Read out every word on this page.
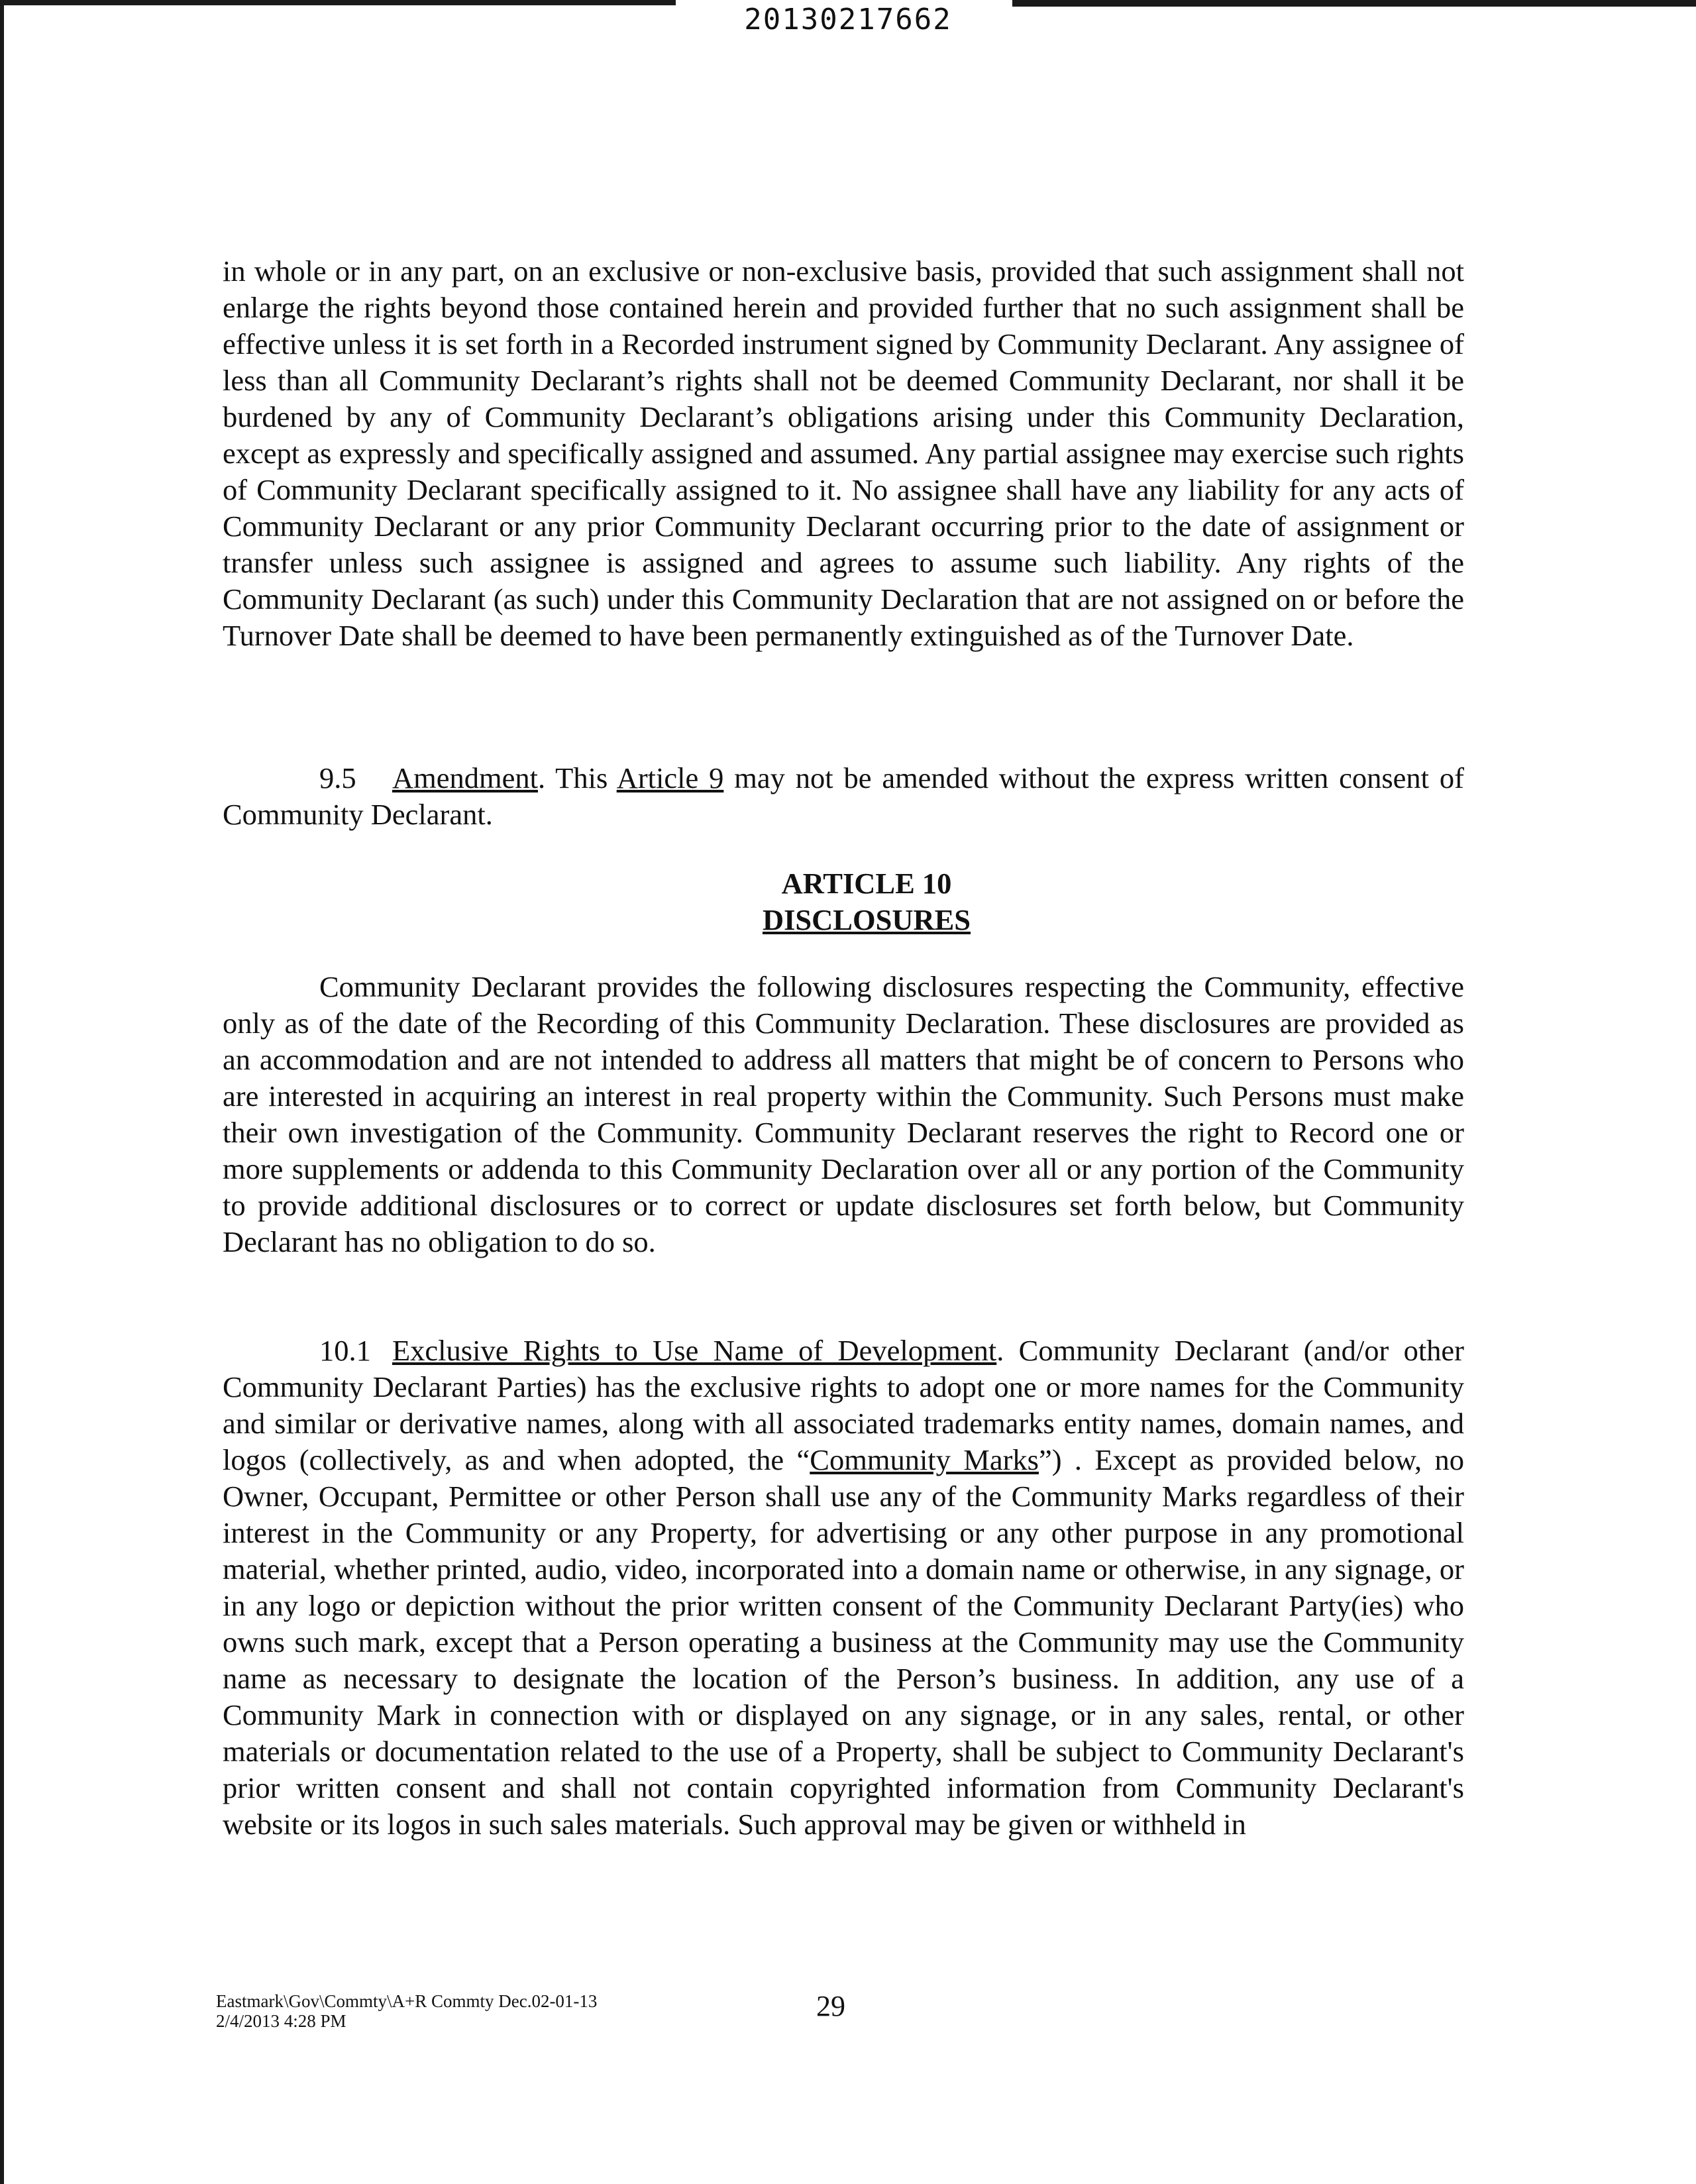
20130217662
in whole or in any part, on an exclusive or non-exclusive basis, provided that such assignment shall not enlarge the rights beyond those contained herein and provided further that no such assignment shall be effective unless it is set forth in a Recorded instrument signed by Community Declarant. Any assignee of less than all Community Declarant’s rights shall not be deemed Community Declarant, nor shall it be burdened by any of Community Declarant’s obligations arising under this Community Declaration, except as expressly and specifically assigned and assumed. Any partial assignee may exercise such rights of Community Declarant specifically assigned to it. No assignee shall have any liability for any acts of Community Declarant or any prior Community Declarant occurring prior to the date of assignment or transfer unless such assignee is assigned and agrees to assume such liability. Any rights of the Community Declarant (as such) under this Community Declaration that are not assigned on or before the Turnover Date shall be deemed to have been permanently extinguished as of the Turnover Date.
9.5 Amendment. This Article 9 may not be amended without the express written consent of Community Declarant.
ARTICLE 10
DISCLOSURES
Community Declarant provides the following disclosures respecting the Community, effective only as of the date of the Recording of this Community Declaration. These disclosures are provided as an accommodation and are not intended to address all matters that might be of concern to Persons who are interested in acquiring an interest in real property within the Community. Such Persons must make their own investigation of the Community. Community Declarant reserves the right to Record one or more supplements or addenda to this Community Declaration over all or any portion of the Community to provide additional disclosures or to correct or update disclosures set forth below, but Community Declarant has no obligation to do so.
10.1 Exclusive Rights to Use Name of Development. Community Declarant (and/or other Community Declarant Parties) has the exclusive rights to adopt one or more names for the Community and similar or derivative names, along with all associated trademarks entity names, domain names, and logos (collectively, as and when adopted, the “Community Marks”) . Except as provided below, no Owner, Occupant, Permittee or other Person shall use any of the Community Marks regardless of their interest in the Community or any Property, for advertising or any other purpose in any promotional material, whether printed, audio, video, incorporated into a domain name or otherwise, in any signage, or in any logo or depiction without the prior written consent of the Community Declarant Party(ies) who owns such mark, except that a Person operating a business at the Community may use the Community name as necessary to designate the location of the Person’s business. In addition, any use of a Community Mark in connection with or displayed on any signage, or in any sales, rental, or other materials or documentation related to the use of a Property, shall be subject to Community Declarant's prior written consent and shall not contain copyrighted information from Community Declarant's website or its logos in such sales materials. Such approval may be given or withheld in
Eastmark\Gov\Commty\A+R Commty Dec.02-01-13
2/4/2013 4:28 PM	29
